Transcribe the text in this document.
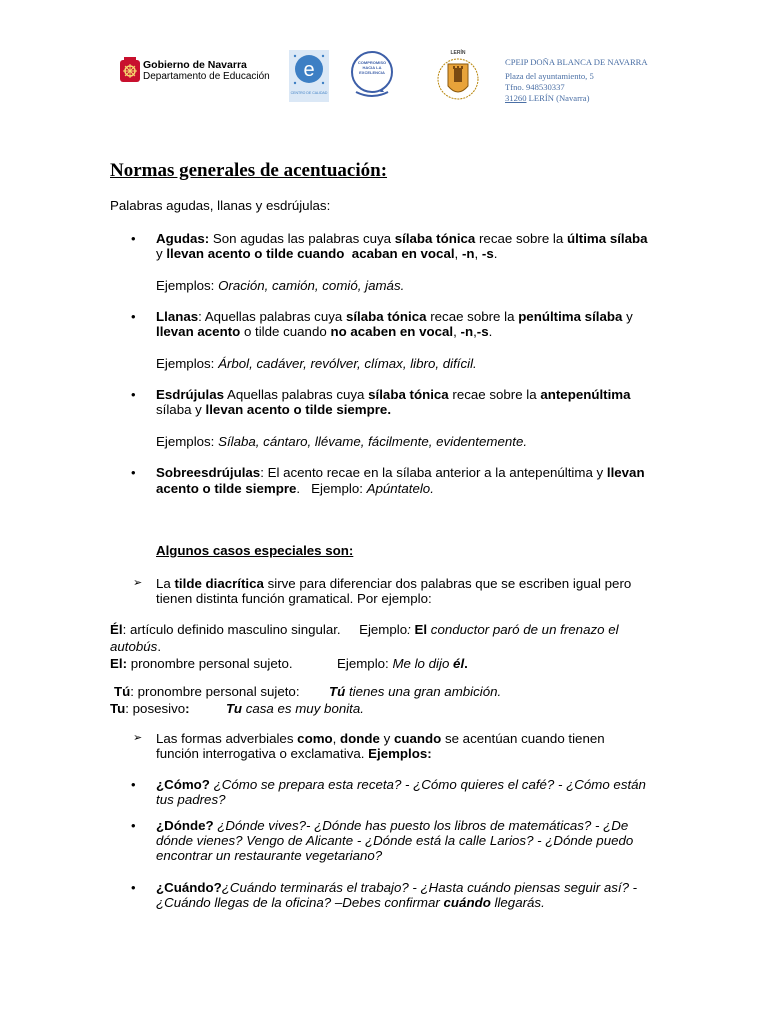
Gobierno de Navarra
Departamento de Educación e
CENTRO DE CALIDAD
COMPROMISO
HACIA LA
EXCELENCIA
LERÍN
CPEIP DOÑA BLANCA DE NAVARRA
Plaza del ayuntamiento, 5
Tfno. 948530337
31260 LERÍN (Navarra)
Normas generales de acentuación:
Palabras agudas, llanas y esdrújulas:
• Agudas: Son agudas las palabras cuya sílaba tónica recae sobre la última sílaba
y llevan acento o tilde cuando  acaban en vocal, -n, -s.
Ejemplos: Oración, camión, comió, jamás.
• Llanas: Aquellas palabras cuya sílaba tónica recae sobre la penúltima sílaba y
llevan acento o tilde cuando no acaben en vocal, -n,-s.
Ejemplos: Árbol, cadáver, revólver, clímax, libro, difícil.
• Esdrújulas Aquellas palabras cuya sílaba tónica recae sobre la antepenúltima
sílaba y llevan acento o tilde siempre.
Ejemplos: Sílaba, cántaro, llévame, fácilmente, evidentemente.
• Sobreesdrújulas: El acento recae en la sílaba anterior a la antepenúltima y llevan
acento o tilde siempre.   Ejemplo: Apúntatelo.
Algunos casos especiales son:
➢ La tilde diacrítica sirve para diferenciar dos palabras que se escriben igual pero
tienen distinta función gramatical. Por ejemplo:
Él: artículo definido masculino singular.     Ejemplo: El conductor paró de un frenazo el
autobús.
El: pronombre personal sujeto.	Ejemplo: Me lo dijo él.
Tú: pronombre personal sujeto: Tú tienes una gran ambición.
Tu: posesivo:	Tu casa es muy bonita.
➢ Las formas adverbiales como, donde y cuando se acentúan cuando tienen
función interrogativa o exclamativa. Ejemplos:
• ¿Cómo? ¿Cómo se prepara esta receta? - ¿Cómo quieres el café? - ¿Cómo están
tus padres?
• ¿Dónde? ¿Dónde vives?- ¿Dónde has puesto los libros de matemáticas? - ¿De
dónde vienes? Vengo de Alicante - ¿Dónde está la calle Larios? - ¿Dónde puedo
encontrar un restaurante vegetariano?
• ¿Cuándo?¿Cuándo terminarás el trabajo? - ¿Hasta cuándo piensas seguir así? -
¿Cuándo llegas de la oficina? –Debes confirmar cuándo llegarás.
